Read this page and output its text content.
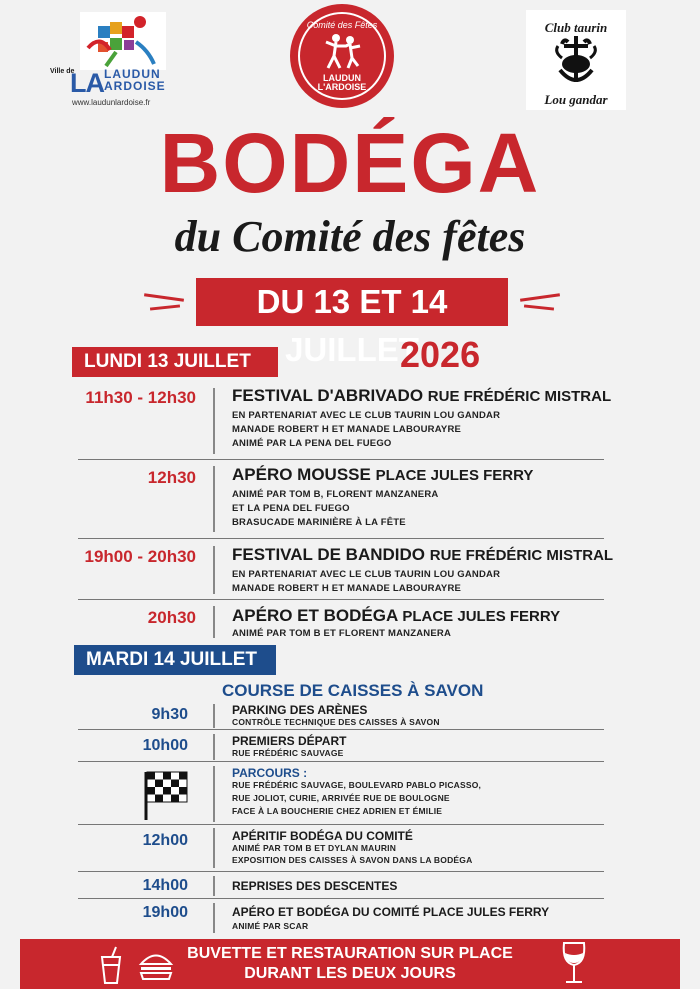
Ville de
LA LAUDUN
ARDOISE
www.laudunlardoise.fr
Comité des Fêtes
LAUDUN
L'ARDOISE
Club taurin
Lou gandar
BODÉGA
du Comité des fêtes
DU 13 ET 14 JUILLET
2026
LUNDI 13 JUILLET
11h30 - 12h30 FESTIVAL D'ABRIVADO RUE FRÉDÉRIC MISTRAL
EN PARTENARIAT AVEC LE CLUB TAURIN LOU GANDAR
MANADE ROBERT H ET MANADE LABOURAYRE
ANIMÉ PAR LA PENA DEL FUEGO
12h30 APÉRO MOUSSE PLACE JULES FERRY
ANIMÉ PAR TOM B, FLORENT MANZANERA
ET LA PENA DEL FUEGO
BRASUCADE MARINIÈRE À LA FÊTE
19h00 - 20h30 FESTIVAL DE BANDIDO RUE FRÉDÉRIC MISTRAL
EN PARTENARIAT AVEC LE CLUB TAURIN LOU GANDAR
MANADE ROBERT H ET MANADE LABOURAYRE
20h30 APÉRO ET BODÉGA PLACE JULES FERRY
ANIMÉ PAR TOM B ET FLORENT MANZANERA
MARDI 14 JUILLET
COURSE DE CAISSES À SAVON
9h30	PARKING DES ARÈNES
CONTRÔLE TECHNIQUE DES CAISSES À SAVON
10h00	PREMIERS DÉPART
RUE FRÉDÉRIC SAUVAGE
PARCOURS :
RUE FRÉDÉRIC SAUVAGE, BOULEVARD PABLO PICASSO,
RUE JOLIOT, CURIE, ARRIVÉE RUE DE BOULOGNE
FACE À LA BOUCHERIE CHEZ ADRIEN ET ÉMILIE
12h00	APÉRITIF BODÉGA DU COMITÉ
ANIMÉ PAR TOM B ET DYLAN MAURIN
EXPOSITION DES CAISSES À SAVON DANS LA BODÉGA
14h00	REPRISES DES DESCENTES
19h00	APÉRO ET BODÉGA DU COMITÉ PLACE JULES FERRY
ANIMÉ PAR SCAR
BUVETTE ET RESTAURATION SUR PLACE
DURANT LES DEUX JOURS
